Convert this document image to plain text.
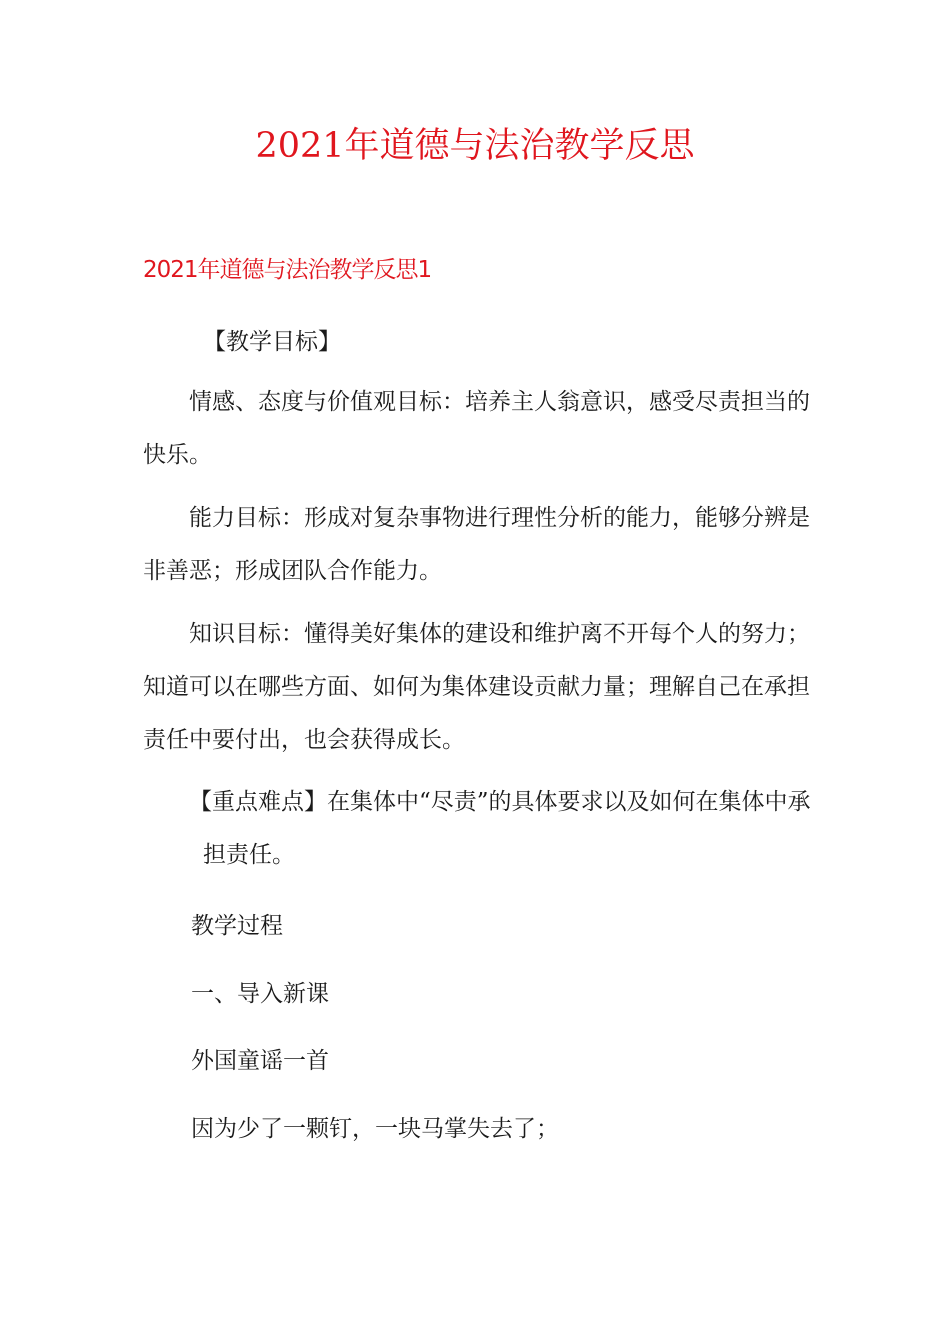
2021年道德与法治教学反思
2021年道德与法治教学反思1

【教学目标】

情感、态度与价值观目标：培养主人翁意识，感受尽责担当的快乐。

能力目标：形成对复杂事物进行理性分析的能力，能够分辨是非善恶；形成团队合作能力。

知识目标：懂得美好集体的建设和维护离不开每个人的努力；知道可以在哪些方面、如何为集体建设贡献力量；理解自己在承担责任中要付出，也会获得成长。

【重点难点】在集体中“尽责”的具体要求以及如何在集体中承担责任。

教学过程

一、导入新课

外国童谣一首

因为少了一颗钉，一块马掌失去了；
